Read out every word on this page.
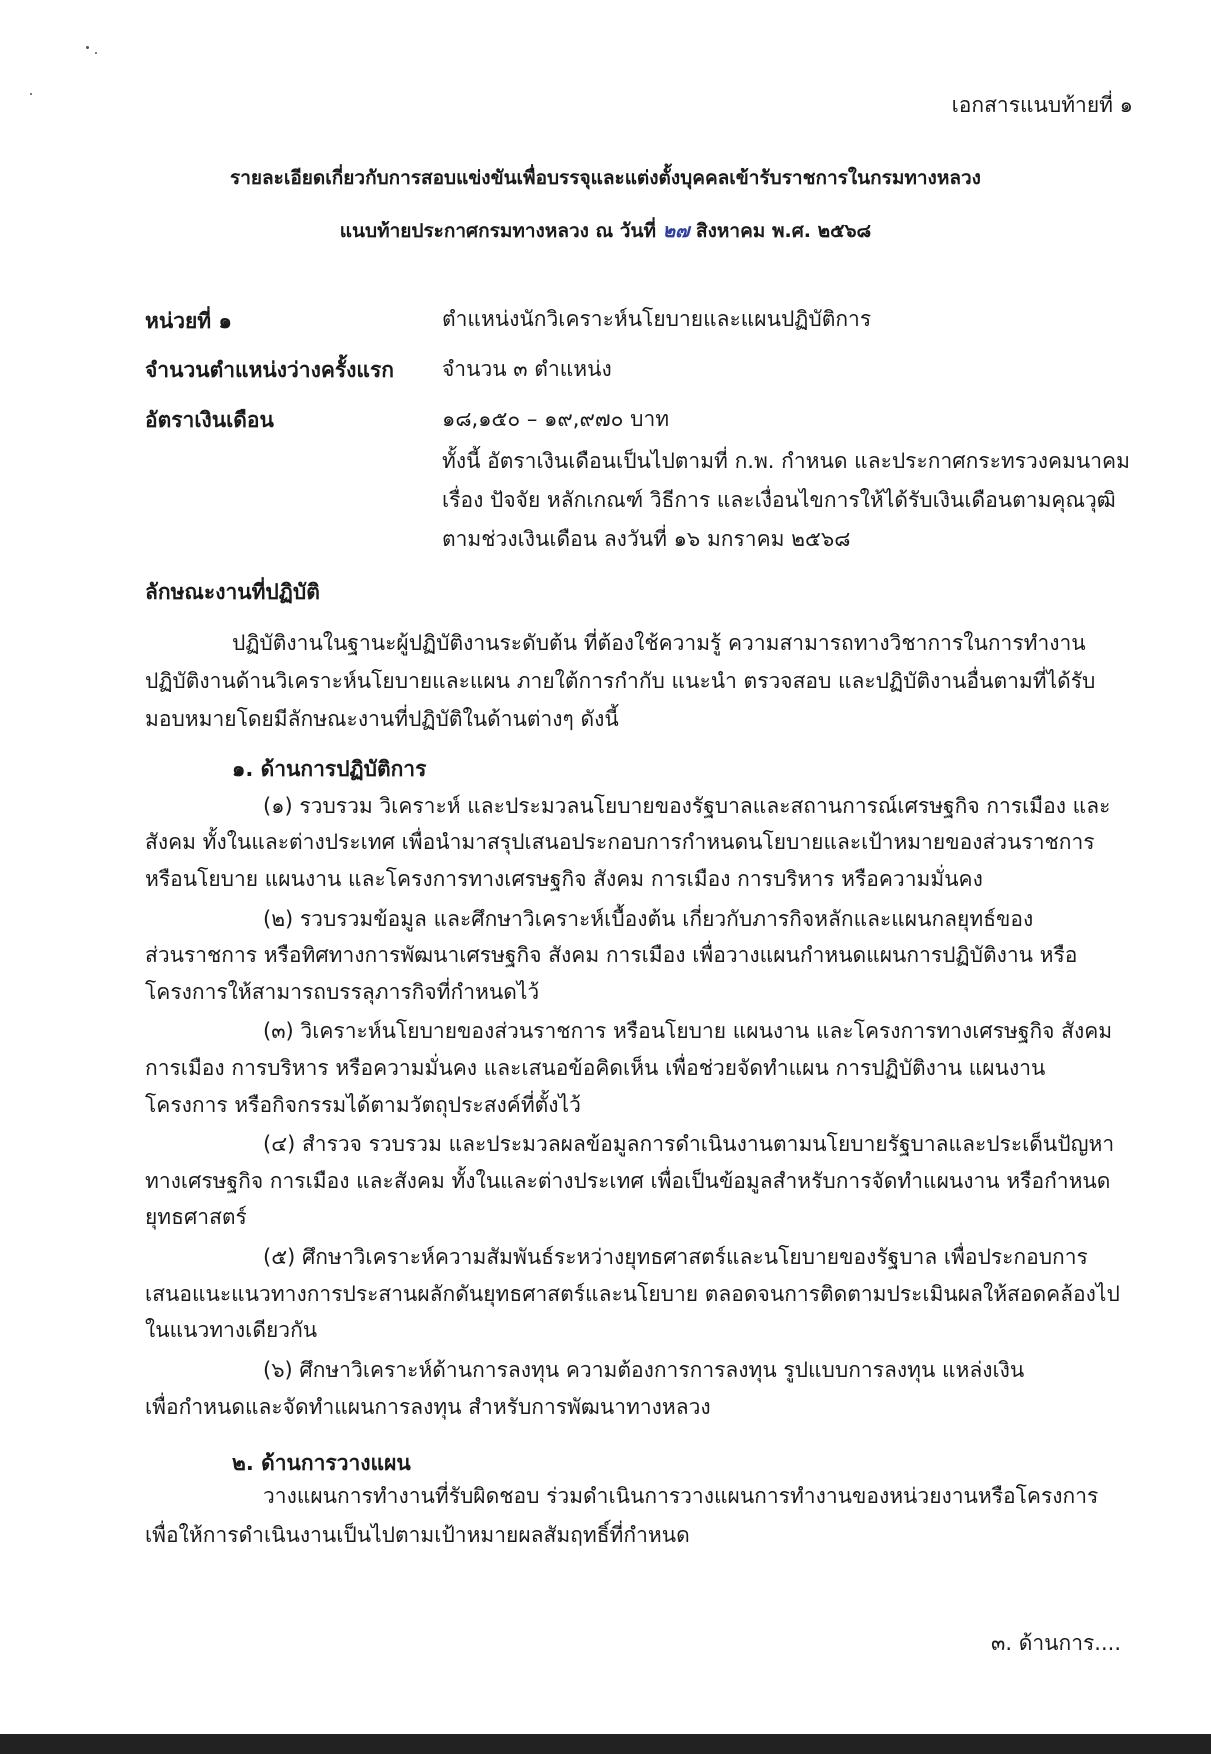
เอกสารแนบท้ายที่ ๑
รายละเอียดเกี่ยวกับการสอบแข่งขันเพื่อบรรจุและแต่งตั้งบุคคลเข้ารับราชการในกรมทางหลวง
แนบท้ายประกาศกรมทางหลวง ณ วันที่ ๒๗ สิงหาคม พ.ศ. ๒๕๖๘
หน่วยที่ ๑	ตำแหน่งนักวิเคราะห์นโยบายและแผนปฏิบัติการ
จำนวนตำแหน่งว่างครั้งแรก จำนวน ๓ ตำแหน่ง
อัตราเงินเดือน	๑๘,๑๕๐ – ๑๙,๙๗๐ บาท
ทั้งนี้ อัตราเงินเดือนเป็นไปตามที่ ก.พ. กำหนด และประกาศกระทรวงคมนาคม
เรื่อง ปัจจัย หลักเกณฑ์ วิธีการ และเงื่อนไขการให้ได้รับเงินเดือนตามคุณวุฒิ
ตามช่วงเงินเดือน ลงวันที่ ๑๖ มกราคม ๒๕๖๘
ลักษณะงานที่ปฏิบัติ
ปฏิบัติงานในฐานะผู้ปฏิบัติงานระดับต้น ที่ต้องใช้ความรู้ ความสามารถทางวิชาการในการทำงาน
ปฏิบัติงานด้านวิเคราะห์นโยบายและแผน ภายใต้การกำกับ แนะนำ ตรวจสอบ และปฏิบัติงานอื่นตามที่ได้รับ
มอบหมายโดยมีลักษณะงานที่ปฏิบัติในด้านต่างๆ ดังนี้
๑. ด้านการปฏิบัติการ
(๑) รวบรวม วิเคราะห์ และประมวลนโยบายของรัฐบาลและสถานการณ์เศรษฐกิจ การเมือง และ
สังคม ทั้งในและต่างประเทศ เพื่อนำมาสรุปเสนอประกอบการกำหนดนโยบายและเป้าหมายของส่วนราชการ
หรือนโยบาย แผนงาน และโครงการทางเศรษฐกิจ สังคม การเมือง การบริหาร หรือความมั่นคง
(๒) รวบรวมข้อมูล และศึกษาวิเคราะห์เบื้องต้น เกี่ยวกับภารกิจหลักและแผนกลยุทธ์ของ
ส่วนราชการ หรือทิศทางการพัฒนาเศรษฐกิจ สังคม การเมือง เพื่อวางแผนกำหนดแผนการปฏิบัติงาน หรือ
โครงการให้สามารถบรรลุภารกิจที่กำหนดไว้
(๓) วิเคราะห์นโยบายของส่วนราชการ หรือนโยบาย แผนงาน และโครงการทางเศรษฐกิจ สังคม
การเมือง การบริหาร หรือความมั่นคง และเสนอข้อคิดเห็น เพื่อช่วยจัดทำแผน การปฏิบัติงาน แผนงาน
โครงการ หรือกิจกรรมได้ตามวัตถุประสงค์ที่ตั้งไว้
(๔) สำรวจ รวบรวม และประมวลผลข้อมูลการดำเนินงานตามนโยบายรัฐบาลและประเด็นปัญหา
ทางเศรษฐกิจ การเมือง และสังคม ทั้งในและต่างประเทศ เพื่อเป็นข้อมูลสำหรับการจัดทำแผนงาน หรือกำหนด
ยุทธศาสตร์
(๕) ศึกษาวิเคราะห์ความสัมพันธ์ระหว่างยุทธศาสตร์และนโยบายของรัฐบาล เพื่อประกอบการ
เสนอแนะแนวทางการประสานผลักดันยุทธศาสตร์และนโยบาย ตลอดจนการติดตามประเมินผลให้สอดคล้องไป
ในแนวทางเดียวกัน
(๖) ศึกษาวิเคราะห์ด้านการลงทุน ความต้องการการลงทุน รูปแบบการลงทุน แหล่งเงิน
เพื่อกำหนดและจัดทำแผนการลงทุน สำหรับการพัฒนาทางหลวง
๒. ด้านการวางแผน
วางแผนการทำงานที่รับผิดชอบ ร่วมดำเนินการวางแผนการทำงานของหน่วยงานหรือโครงการ
เพื่อให้การดำเนินงานเป็นไปตามเป้าหมายผลสัมฤทธิ์ที่กำหนด
๓. ด้านการ....
